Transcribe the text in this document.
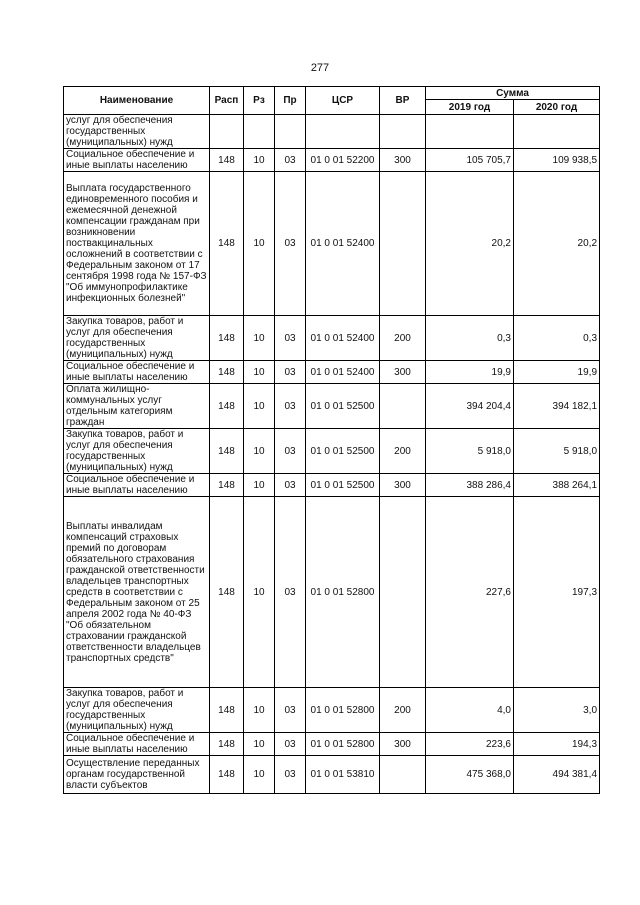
277
Наименование	Расп	Рз	Пр	ЦСР	ВР	Сумма	
						2019 год	2020 год
услуг для обеспечения государственных (муниципальных) нужд							
Социальное обеспечение и иные выплаты населению	148	10	03	01 0 01 52200	300	105 705,7	109 938,5
Выплата государственного единовременного пособия и ежемесячной денежной компенсации гражданам при возникновении поствакцинальных осложнений в соответствии с Федеральным законом от 17 сентября 1998 года № 157-ФЗ "Об иммунопрофилактике инфекционных болезней"	148	10	03	01 0 01 52400		20,2	20,2
Закупка товаров, работ и услуг для обеспечения государственных (муниципальных) нужд	148	10	03	01 0 01 52400	200	0,3	0,3
Социальное обеспечение и иные выплаты населению	148	10	03	01 0 01 52400	300	19,9	19,9
Оплата жилищно-коммунальных услуг отдельным категориям граждан	148	10	03	01 0 01 52500		394 204,4	394 182,1
Закупка товаров, работ и услуг для обеспечения государственных (муниципальных) нужд	148	10	03	01 0 01 52500	200	5 918,0	5 918,0
Социальное обеспечение и иные выплаты населению	148	10	03	01 0 01 52500	300	388 286,4	388 264,1
Выплаты инвалидам компенсаций страховых премий по договорам обязательного страхования гражданской ответственности владельцев транспортных средств в соответствии с Федеральным законом от 25 апреля 2002 года № 40-ФЗ "Об обязательном страховании гражданской ответственности владельцев транспортных средств"	148	10	03	01 0 01 52800		227,6	197,3
Закупка товаров, работ и услуг для обеспечения государственных (муниципальных) нужд	148	10	03	01 0 01 52800	200	4,0	3,0
Социальное обеспечение и иные выплаты населению	148	10	03	01 0 01 52800	300	223,6	194,3
Осуществление переданных органам государственной власти субъектов	148	10	03	01 0 01 53810		475 368,0	494 381,4
